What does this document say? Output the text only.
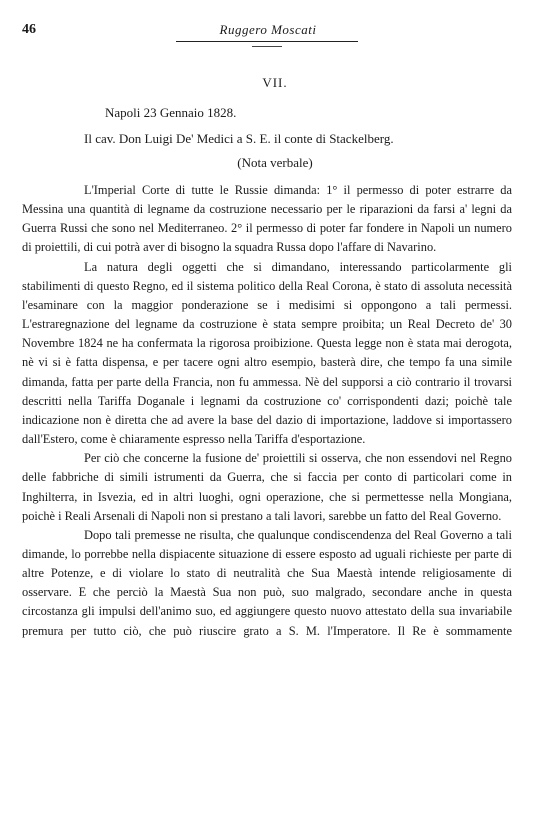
46	Ruggero Moscati
VII.
Napoli 23 Gennaio 1828.
Il cav. Don Luigi De' Medici a S. E. il conte di Stackelberg.
(Nota verbale)

L'Imperial Corte di tutte le Russie dimanda: 1° il permesso di poter estrarre da Messina una quantità di legname da costruzione necessario per le riparazioni da farsi a' legni da Guerra Russi che sono nel Mediterraneo. 2° il permesso di poter far fondere in Napoli un numero di proiettili, di cui potrà aver di bisogno la squadra Russa dopo l'affare di Navarino.

La natura degli oggetti che si dimandano, interessando particolarmente gli stabilimenti di questo Regno, ed il sistema politico della Real Corona, è stato di assoluta necessità l'esaminare con la maggior ponderazione se i medisimi si oppongono a tali permessi. L'estraregnazione del legname da costruzione è stata sempre proibita; un Real Decreto de' 30 Novembre 1824 ne ha confermata la rigorosa proibizione. Questa legge non è stata mai derogota, nè vi si è fatta dispensa, e per tacere ogni altro esempio, basterà dire, che tempo fa una simile dimanda, fatta per parte della Francia, non fu ammessa. Nè del supporsi a ciò contrario il trovarsi descritti nella Tariffa Doganale i legnami da costruzione co' corrispondenti dazi; poichè tale indicazione non è diretta che ad avere la base del dazio di importazione, laddove si importassero dall'Estero, come è chiaramente espresso nella Tariffa d'esportazione.

Per ciò che concerne la fusione de' proiettili si osserva, che non essendovi nel Regno delle fabbriche di simili istrumenti da Guerra, che si faccia per conto di particolari come in Inghilterra, in Isvezia, ed in altri luoghi, ogni operazione, che si permettesse nella Mongiana, poichè i Reali Arsenali di Napoli non si prestano a tali lavori, sarebbe un fatto del Real Governo.

Dopo tali premesse ne risulta, che qualunque condiscendenza del Real Governo a tali dimande, lo porrebbe nella dispiacente situazione di essere esposto ad uguali richieste per parte di altre Potenze, e di violare lo stato di neutralità che Sua Maestà intende religiosamente di osservare. E che perciò la Maestà Sua non può, suo malgrado, secondare anche in questa circostanza gli impulsi dell'animo suo, ed aggiungere questo nuovo attestato della sua invariabile premura per tutto ciò, che può riuscire grato a S. M. l'Imperatore. Il Re è sommamente
